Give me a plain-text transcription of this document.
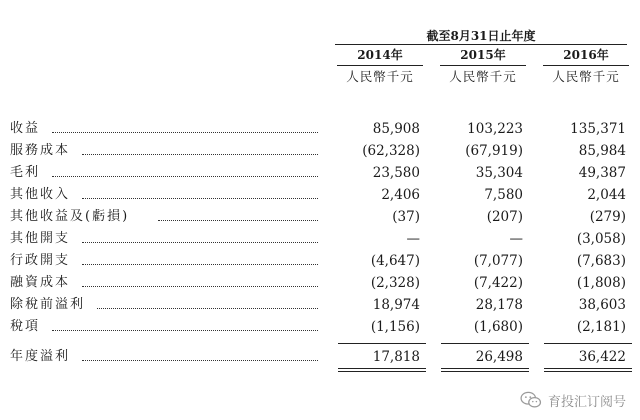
截至8月31日止年度
2014年
人民幣千元
2015年
人民幣千元
2016年
人民幣千元
收益	85,908	103,223	135,371
服務成本	(62,328)	(67,919)	85,984
毛利	23,580	35,304	49,387
其他收入	2,406	7,580	2,044
其他收益及(虧損)	(37)	(207)	(279)
其他開支	—	—	(3,058)
行政開支	(4,647)	(7,077)	(7,683)
融資成本	(2,328)	(7,422)	(1,808)
除稅前溢利	18,974	28,178	38,603
稅項	(1,156)	(1,680)	(2,181)
年度溢利	17,818	26,498	36,422
育投汇订阅号
